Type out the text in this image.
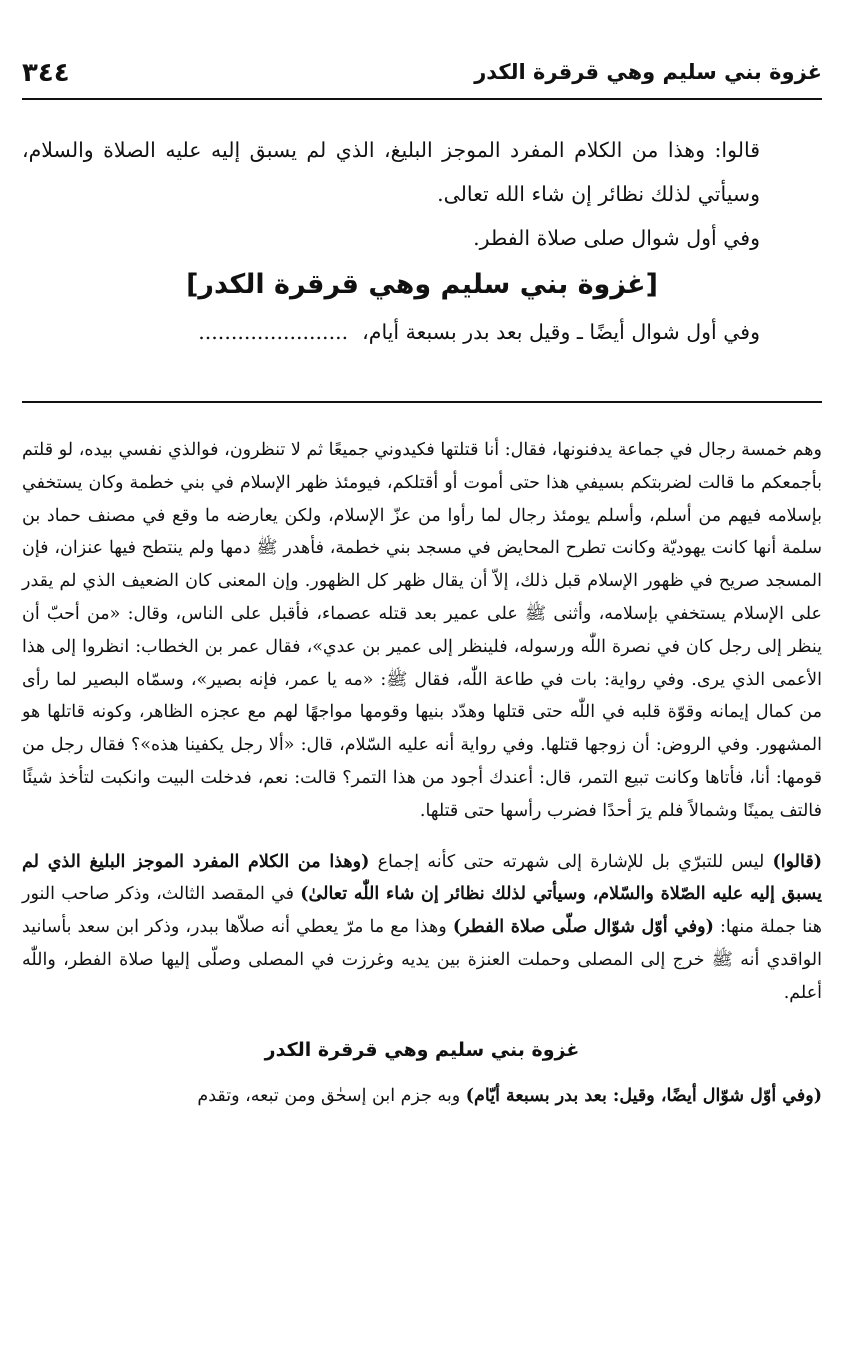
غزوة بني سليم وهي قرقرة الكدر
٣٤٤

قالوا: وهذا من الكلام المفرد الموجز البليغ، الذي لم يسبق إليه عليه الصلاة والسلام، وسيأتي لذلك نظائر إن شاء الله تعالى.

وفي أول شوال صلى صلاة الفطر.

[غزوة بني سليم وهي قرقرة الكدر]

وفي أول شوال أيضًا ـ وقيل بعد بدر بسبعة أيام،.......................

وهم خمسة رجال في جماعة يدفنونها، فقال: أنا قتلتها فكيدوني جميعًا ثم لا تنظرون، فوالذي نفسي بيده، لو قلتم بأجمعكم ما قالت لضربتكم بسيفي هذا حتى أموت أو أقتلكم، فيومئذ ظهر الإسلام في بني خطمة وكان يستخفي بإسلامه فيهم من أسلم، وأسلم يومئذ رجال لما رأوا من عزّ الإسلام، ولكن يعارضه ما وقع في مصنف حماد بن سلمة أنها كانت يهوديّة وكانت تطرح المحايض في مسجد بني خطمة، فأهدر ﷺ دمها ولم ينتطح فيها عنزان، فإن المسجد صريح في ظهور الإسلام قبل ذلك، إلاّ أن يقال ظهر كل الظهور. وإن المعنى كان الضعيف الذي لم يقدر على الإسلام يستخفي بإسلامه، وأثنى ﷺ على عمير بعد قتله عصماء، فأقبل على الناس، وقال: «من أحبّ أن ينظر إلى رجل كان في نصرة اللّٰه ورسوله، فلينظر إلى عمير بن عدي»، فقال عمر بن الخطاب: انظروا إلى هذا الأعمى الذي يرى. وفي رواية: بات في طاعة اللّٰه، فقال ﷺ: «مه يا عمر، فإنه بصير»، وسمّاه البصير لما رأى من كمال إيمانه وقوّة قلبه في اللّٰه حتى قتلها وهدّد بنيها وقومها مواجهًا لهم مع عجزه الظاهر، وكونه قاتلها هو المشهور. وفي الروض: أن زوجها قتلها. وفي رواية أنه عليه السّلام، قال: «ألا رجل يكفينا هذه»؟ فقال رجل من قومها: أنا، فأتاها وكانت تبيع التمر، قال: أعندك أجود من هذا التمر؟ قالت: نعم، فدخلت البيت وانكبت لتأخذ شيئًا فالتف يمينًا وشمالاً فلم يرَ أحدًا فضرب رأسها حتى قتلها.

(قالوا) ليس للتبرّي بل للإشارة إلى شهرته حتى كأنه إجماع (وهذا من الكلام المفرد الموجز البليغ الذي لم يسبق إليه عليه الصّلاة والسّلام، وسيأتي لذلك نظائر إن شاء اللّٰه تعالىٰ) في المقصد الثالث، وذكر صاحب النور هنا جملة منها: (وفي أوّل شوّال صلّى صلاة الفطر) وهذا مع ما مرّ يعطي أنه صلاّها ببدر، وذكر ابن سعد بأسانيد الواقدي أنه ﷺ خرج إلى المصلى وحملت العنزة بين يديه وغرزت في المصلى وصلّى إليها صلاة الفطر، واللّٰه أعلم.

غزوة بني سليم وهي قرقرة الكدر

(وفي أوّل شوّال أيضًا، وقيل: بعد بدر بسبعة أيّام) وبه جزم ابن إسحٰق ومن تبعه، وتقدم
